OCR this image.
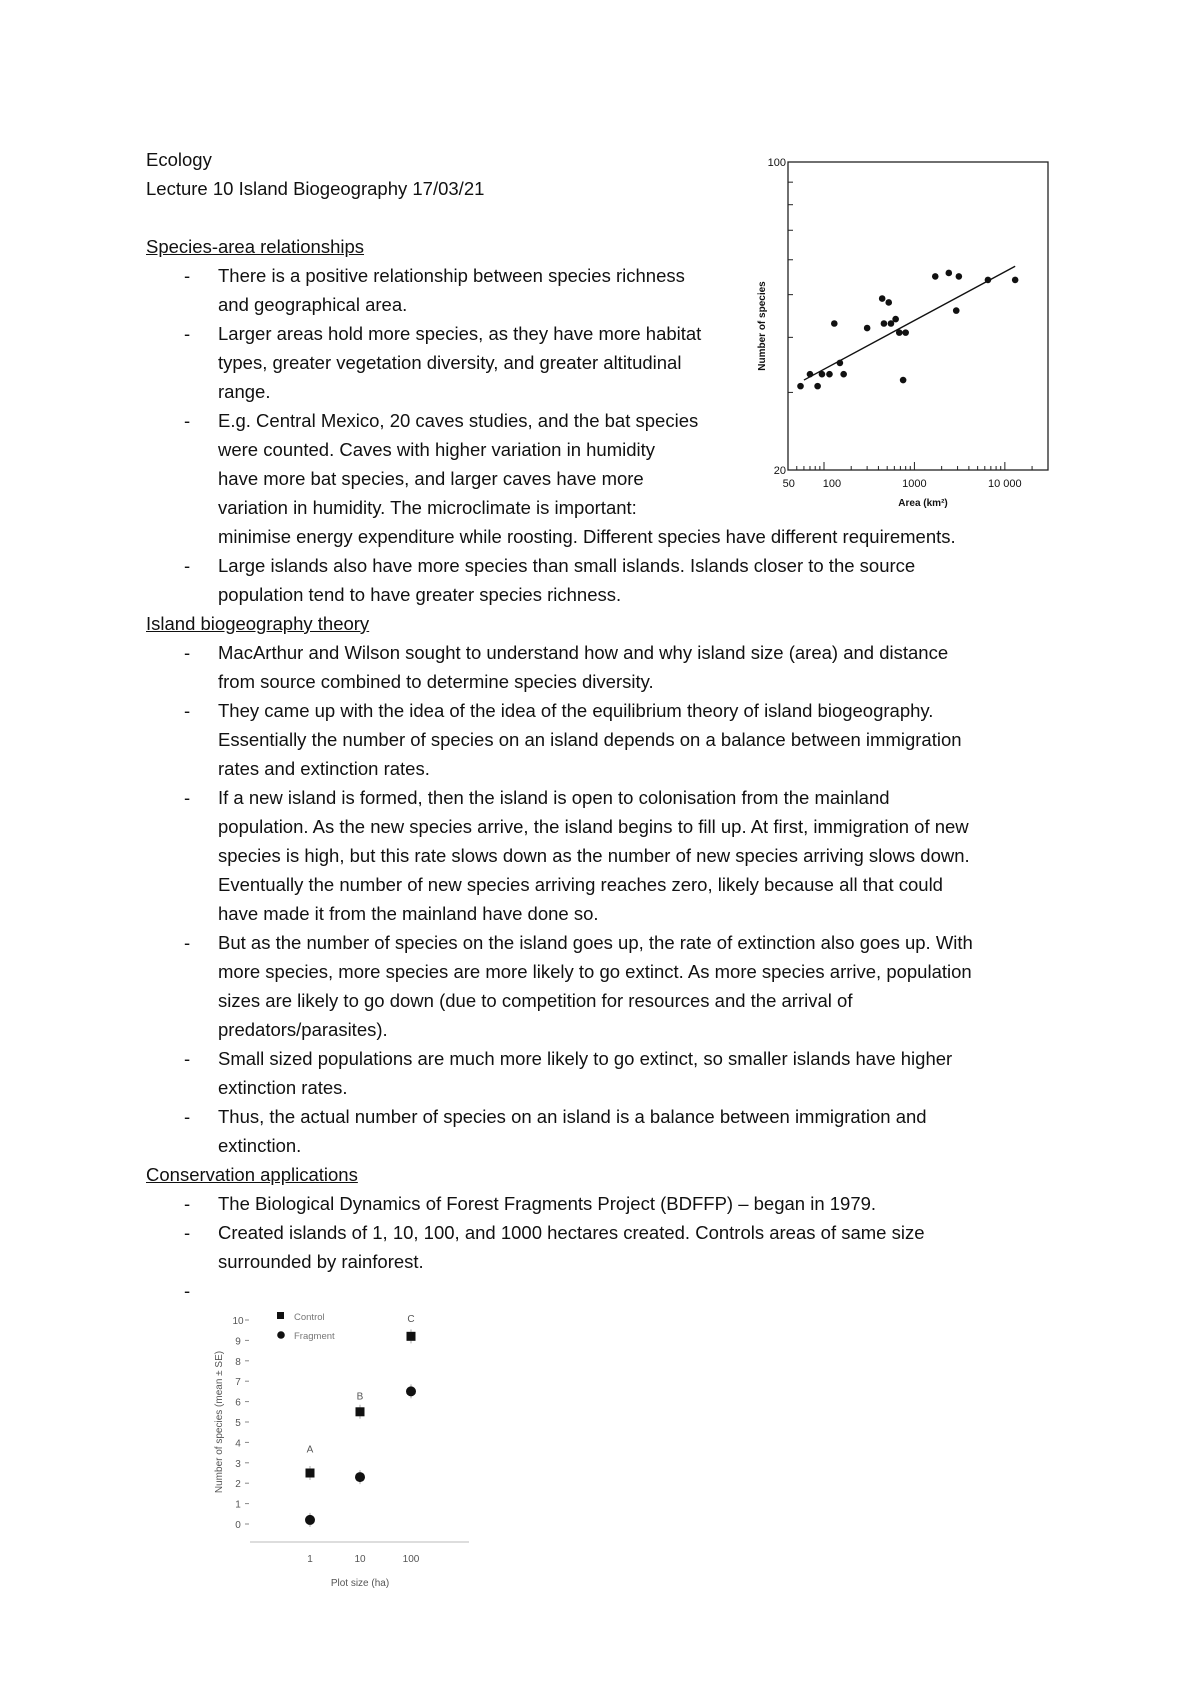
Ecology
Lecture 10 Island Biogeography 17/03/21
Species-area relationships
- There is a positive relationship between species richness
and geographical area.
- Larger areas hold more species, as they have more habitat
types, greater vegetation diversity, and greater altitudinal
range.
- E.g. Central Mexico, 20 caves studies, and the bat species
were counted. Caves with higher variation in humidity
have more bat species, and larger caves have more
variation in humidity. The microclimate is important:
minimise energy expenditure while roosting. Different species have different requirements.
- Large islands also have more species than small islands. Islands closer to the source
population tend to have greater species richness.
Island biogeography theory
- MacArthur and Wilson sought to understand how and why island size (area) and distance
from source combined to determine species diversity.
- They came up with the idea of the idea of the equilibrium theory of island biogeography.
Essentially the number of species on an island depends on a balance between immigration
rates and extinction rates.
- If a new island is formed, then the island is open to colonisation from the mainland
population. As the new species arrive, the island begins to fill up. At first, immigration of new
species is high, but this rate slows down as the number of new species arriving slows down.
Eventually the number of new species arriving reaches zero, likely because all that could
have made it from the mainland have done so.
- But as the number of species on the island goes up, the rate of extinction also goes up. With
more species, more species are more likely to go extinct. As more species arrive, population
sizes are likely to go down (due to competition for resources and the arrival of
predators/parasites).
- Small sized populations are much more likely to go extinct, so smaller islands have higher
extinction rates.
- Thus, the actual number of species on an island is a balance between immigration and
extinction.
Conservation applications
- The Biological Dynamics of Forest Fragments Project (BDFFP) – began in 1979.
- Created islands of 1, 10, 100, and 1000 hectares created. Controls areas of same size
surrounded by rainforest.
-
50	100	1000	10 000
20
100
Area (km²)
Number of species
0
1
2
3
4
5
6
7
8
9
10
Number of species (mean ± SE)
1	10	100
Plot size (ha)
Control
Fragment
A
B
C
